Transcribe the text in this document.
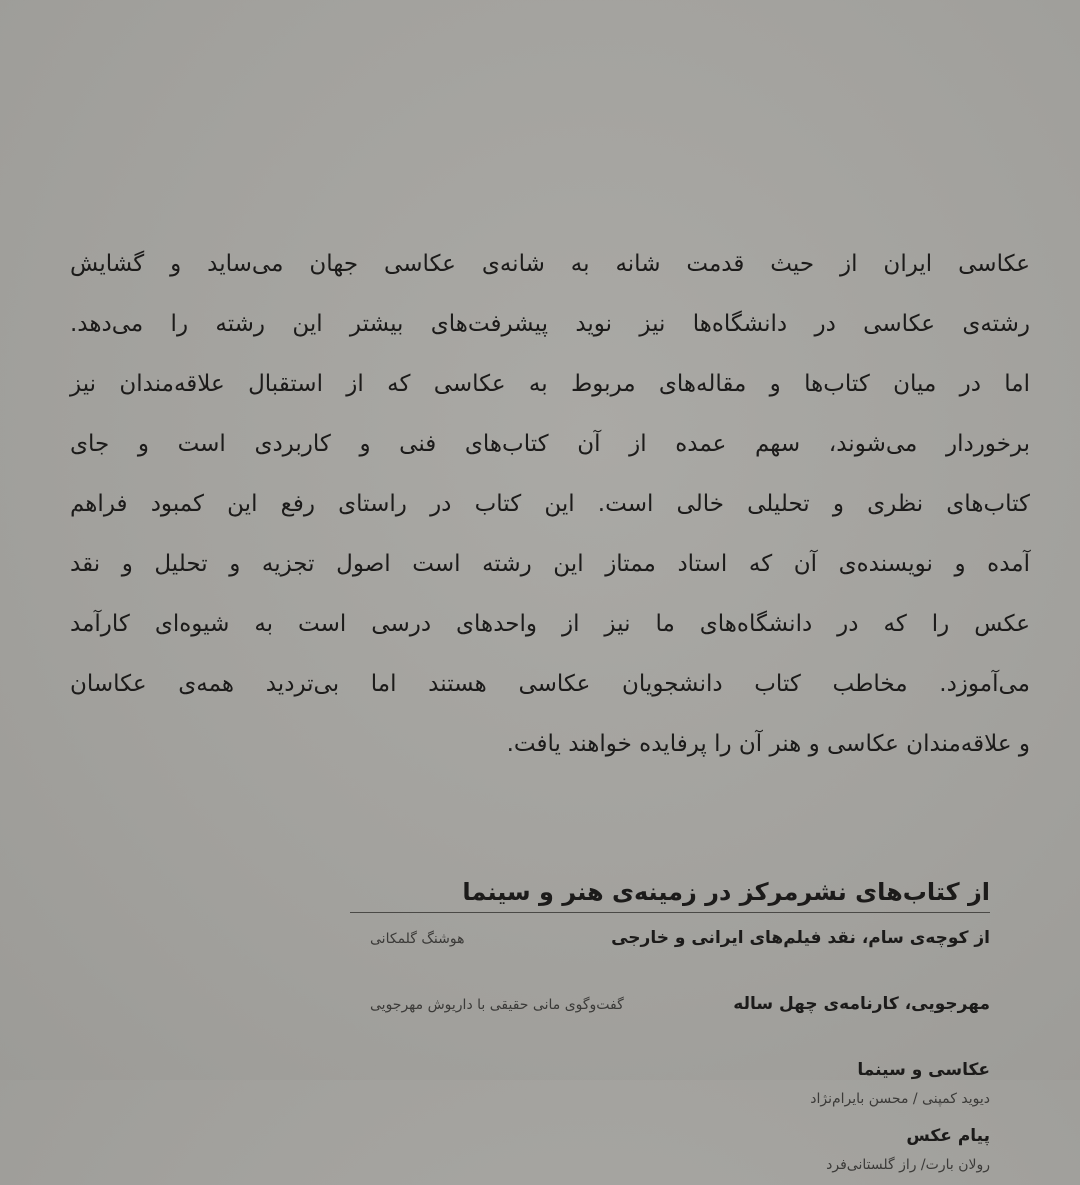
عکاسی ایران از حیث قدمت شانه به شانه‌ی عکاسی جهان می‌ساید و گشایش
رشته‌ی عکاسی در دانشگاه‌ها نیز نوید پیشرفت‌های بیشتر این رشته را می‌دهد.
اما در میان کتاب‌ها و مقاله‌های مربوط به عکاسی که از استقبال علاقه‌مندان نیز
برخوردار می‌شوند، سهم عمده از آن کتاب‌های فنی و کاربردی است و جای
کتاب‌های نظری و تحلیلی خالی است. این کتاب در راستای رفع این کمبود فراهم
آمده و نویسنده‌ی آن که استاد ممتاز این رشته است اصول تجزیه و تحلیل و نقد
عکس را که در دانشگاه‌های ما نیز از واحدهای درسی است به شیوه‌ای کارآمد
می‌آموزد. مخاطب کتاب دانشجویان عکاسی هستند اما بی‌تردید همه‌ی عکاسان
و علاقه‌مندان عکاسی و هنر آن را پرفایده خواهند یافت.
از کتاب‌های نشرمرکز در زمینه‌ی هنر و سینما
از کوچه‌ی سام، نقد فیلم‌های ایرانی و خارجی
هوشنگ گلمکانی
مهرجویی، کارنامه‌ی چهل ساله
گفت‌وگوی مانی حقیقی با داریوش مهرجویی
عکاسی و سینما
دیوید کمپنی / محسن بایرام‌نژاد
پیام عکس
رولان بارت/ راز گلستانی‌فرد
